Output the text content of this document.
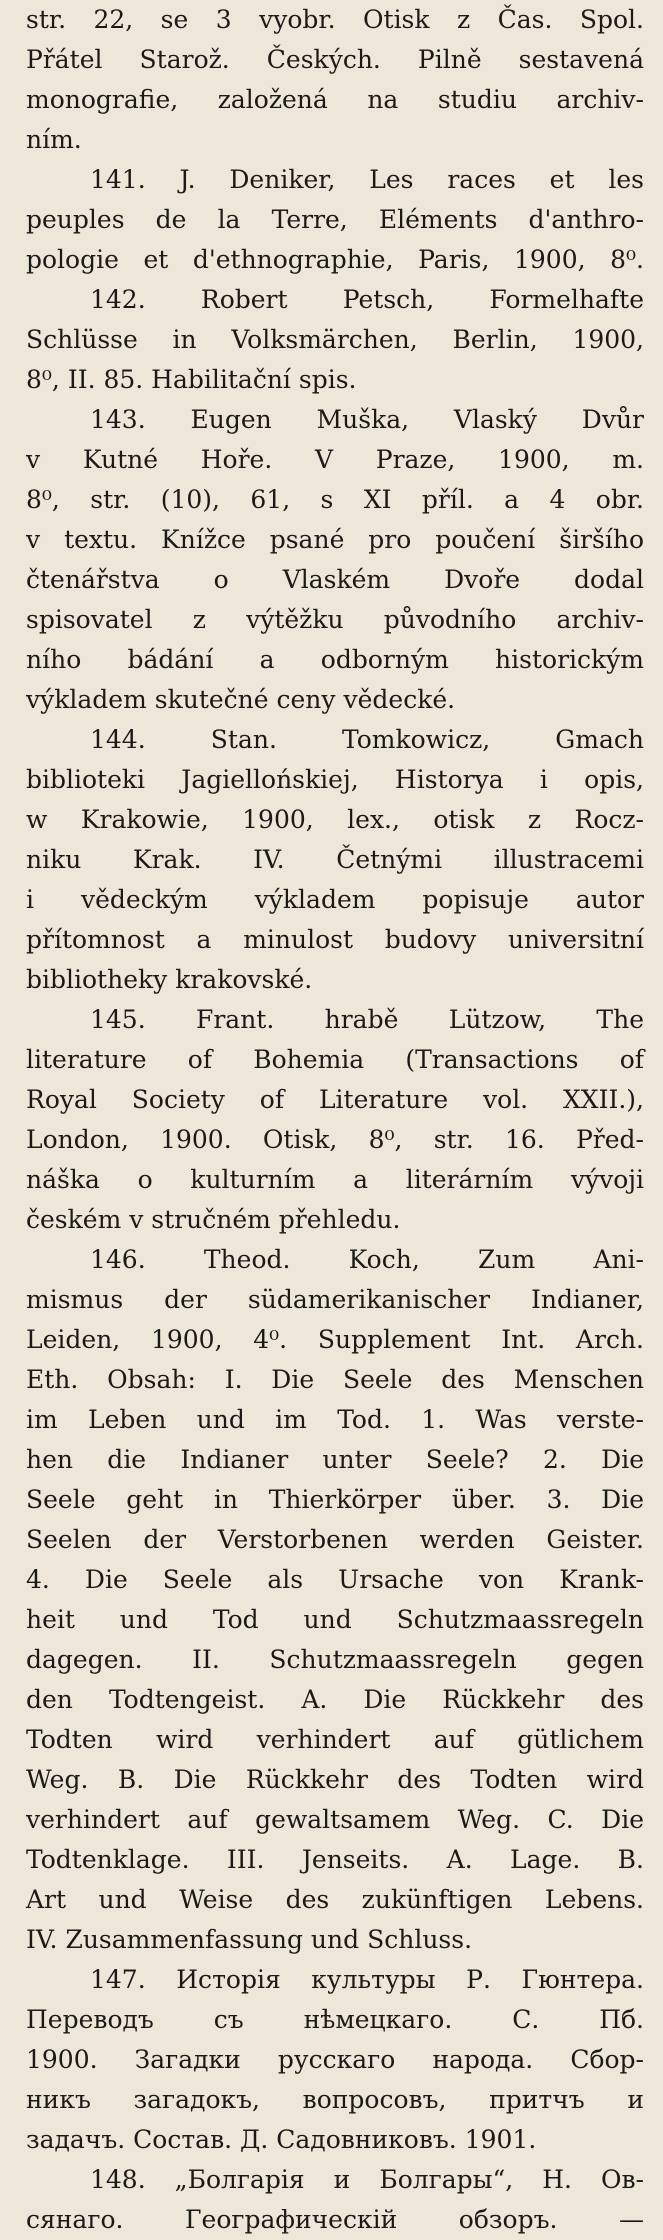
str. 22, se 3 vyobr. Otisk z Čas. Spol.
Přátel Starož. Českých. Pilně sestavená
monografie, založená na studiu archiv-
ním.
141. J. Deniker, Les races et les
peuples de la Terre, Eléments d'anthro-
pologie et d'ethnographie, Paris, 1900, 8⁰.
142. Robert Petsch, Formelhafte
Schlüsse in Volksmärchen, Berlin, 1900,
8⁰, II. 85. Habilitační spis.
143. Eugen Muška, Vlaský Dvůr
v Kutné Hoře. V Praze, 1900, m.
8⁰, str. (10), 61, s XI příl. a 4 obr.
v textu. Knížce psané pro poučení širšího
čtenářstva o Vlaském Dvoře dodal
spisovatel z výtěžku původního archiv-
ního bádání a odborným historickým
výkladem skutečné ceny vědecké.
144. Stan. Tomkowicz, Gmach
biblioteki Jagiellońskiej, Historya i opis,
w Krakowie, 1900, lex., otisk z Rocz-
niku Krak. IV. Četnými illustracemi
i vědeckým výkladem popisuje autor
přítomnost a minulost budovy universitní
bibliotheky krakovské.
145. Frant. hrabě Lützow, The
literature of Bohemia (Transactions of
Royal Society of Literature vol. XXII.),
London, 1900. Otisk, 8⁰, str. 16. Před-
náška o kulturním a literárním vývoji
českém v stručném přehledu.
146. Theod. Koch, Zum Ani-
mismus der südamerikanischer Indianer,
Leiden, 1900, 4⁰. Supplement Int. Arch.
Eth. Obsah: I. Die Seele des Menschen
im Leben und im Tod. 1. Was verste-
hen die Indianer unter Seele? 2. Die
Seele geht in Thierkörper über. 3. Die
Seelen der Verstorbenen werden Geister.
4. Die Seele als Ursache von Krank-
heit und Tod und Schutzmaassregeln
dagegen. II. Schutzmaassregeln gegen
den Todtengeist. A. Die Rückkehr des
Todten wird verhindert auf gütlichem
Weg. B. Die Rückkehr des Todten wird
verhindert auf gewaltsamem Weg. C. Die
Todtenklage. III. Jenseits. A. Lage. B.
Art und Weise des zukünftigen Lebens.
IV. Zusammenfassung und Schluss.
147. Исторія культуры Р. Гюнтера.
Переводъ съ нѣмецкаго. С. Пб.
1900. Загадки русскаго народа. Сбор-
никъ загадокъ, вопросовъ, притчъ и
задачъ. Состав. Д. Садовниковъ. 1901.
148. „Болгарія и Болгары“, Н. Ов-
сянаго. Географическій обзоръ. —
